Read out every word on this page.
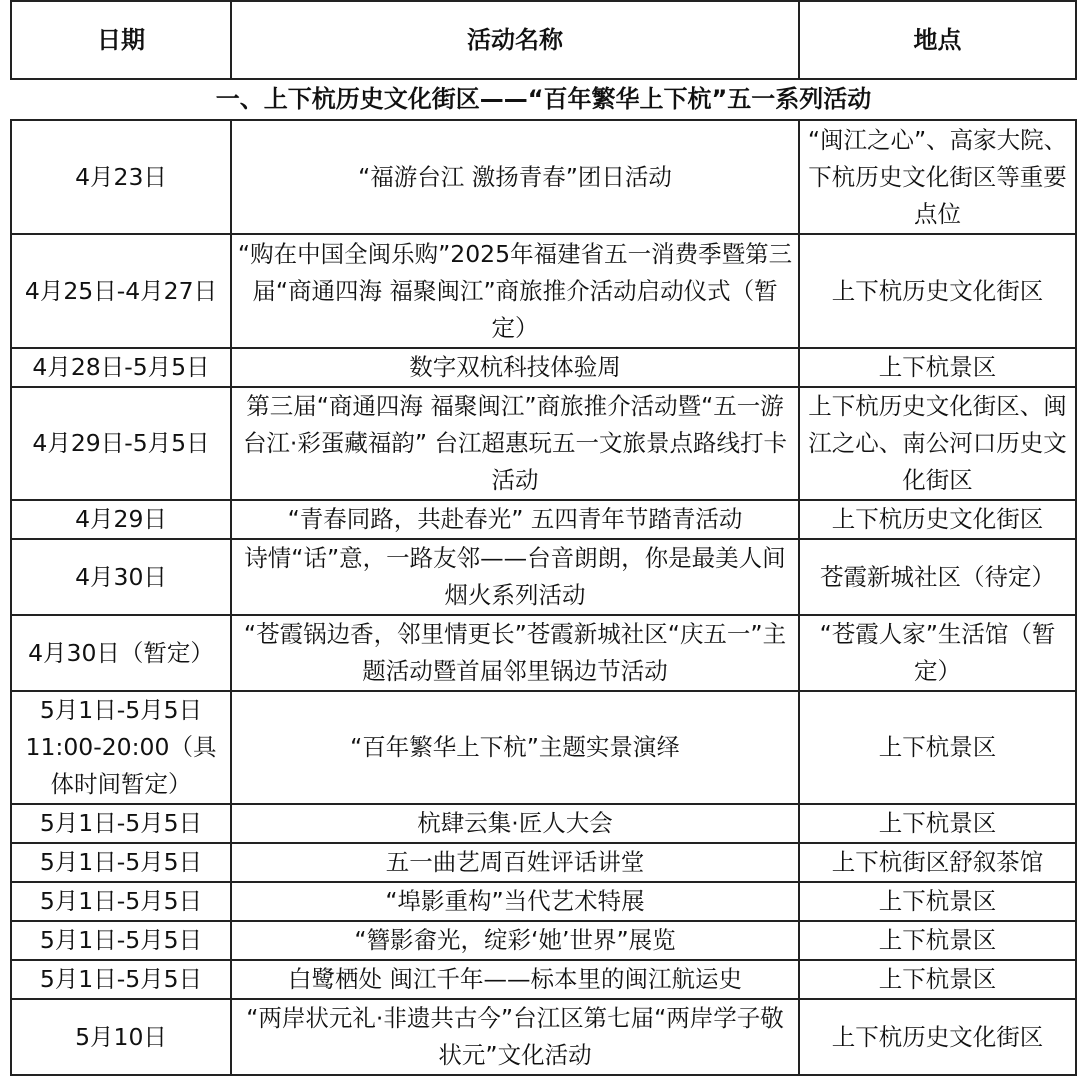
日期	活动名称	地点
一、上下杭历史文化街区——“百年繁华上下杭”五一系列活动		
4月23日	“福游台江 激扬青春”团日活动	“闽江之心”、高家大院、下杭历史文化街区等重要点位
4月25日-4月27日	“购在中国全闽乐购”2025年福建省五一消费季暨第三届“商通四海 福聚闽江”商旅推介活动启动仪式（暂定）	上下杭历史文化街区
4月28日-5月5日	数字双杭科技体验周	上下杭景区
4月29日-5月5日	第三届“商通四海 福聚闽江”商旅推介活动暨“五一游台江·彩蛋藏福韵” 台江超惠玩五一文旅景点路线打卡活动	上下杭历史文化街区、闽江之心、南公河口历史文化街区
4月29日	“青春同路，共赴春光” 五四青年节踏青活动	上下杭历史文化街区
4月30日	诗情“话”意，一路友邻——台音朗朗，你是最美人间烟火系列活动	苍霞新城社区（待定）
4月30日（暂定）	“苍霞锅边香，邻里情更长”苍霞新城社区“庆五一”主题活动暨首届邻里锅边节活动	“苍霞人家”生活馆（暂定）
5月1日-5月5日 11:00-20:00（具体时间暂定）	“百年繁华上下杭”主题实景演绎	上下杭景区
5月1日-5月5日	杭肆云集·匠人大会	上下杭景区
5月1日-5月5日	五一曲艺周百姓评话讲堂	上下杭街区舒叙茶馆
5月1日-5月5日	“埠影重构”当代艺术特展	上下杭景区
5月1日-5月5日	“簪影畲光，绽彩‘她’世界”展览	上下杭景区
5月1日-5月5日	白鹭栖处 闽江千年——标本里的闽江航运史	上下杭景区
5月10日	“两岸状元礼·非遗共古今”台江区第七届“两岸学子敬状元”文化活动	上下杭历史文化街区
